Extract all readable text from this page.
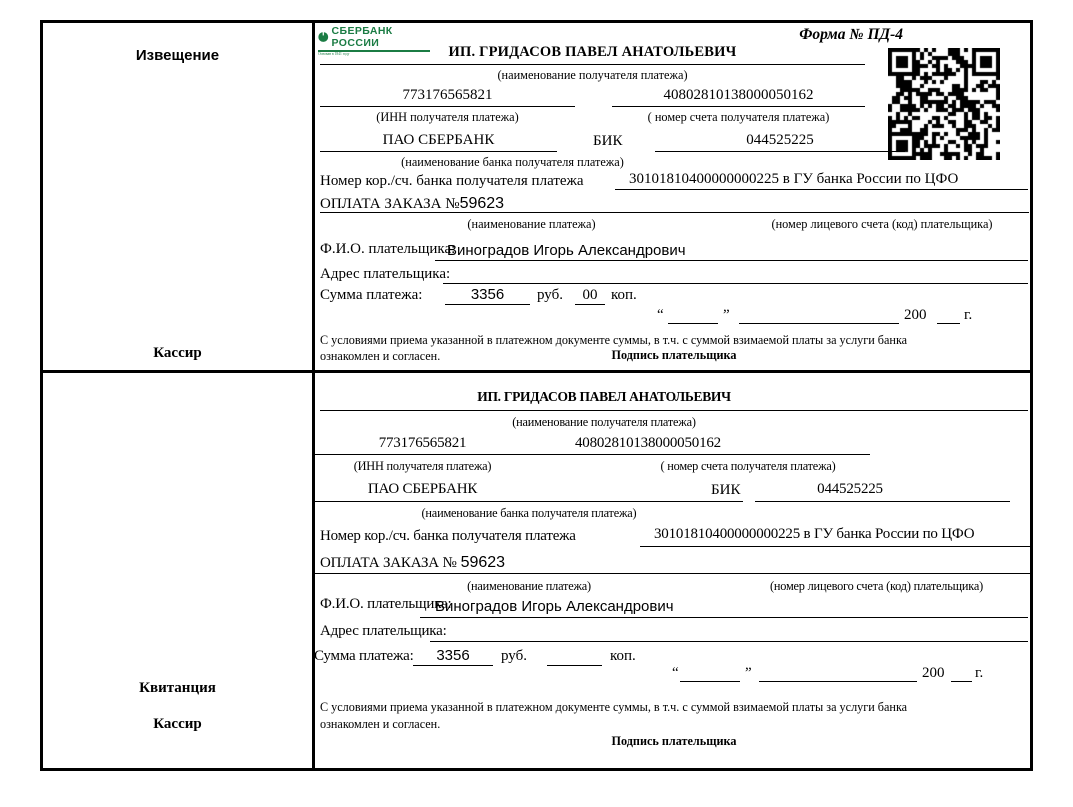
Извещение
Кассир
Квитанция
Кассир
СБЕРБАНК РОССИИ
Основан в 1841 году
Форма № ПД-4
ИП. ГРИДАСОВ ПАВЕЛ АНАТОЛЬЕВИЧ
(наименование получателя платежа)
773176565821	40802810138000050162
(ИНН получателя платежа)	( номер счета получателя платежа)
ПАО СБЕРБАНК	БИК	044525225
(наименование банка получателя платежа)
Номер кор./сч. банка получателя платежа	30101810400000000225 в ГУ банка России по ЦФО
ОПЛАТА ЗАКАЗА №59623
(наименование платежа)	(номер лицевого счета (код) плательщика)
Ф.И.О. плательщика:
Виноградов Игорь Александрович
Адрес плательщика:
Сумма платежа:	3356	руб.	00 коп.
“	”	200	г.
С условиями приема указанной в платежном документе суммы, в т.ч. с суммой взимаемой платы за услуги банка
ознакомлен и согласен.	Подпись плательщика
ИП. ГРИДАСОВ ПАВЕЛ АНАТОЛЬЕВИЧ
(наименование получателя платежа)
773176565821	40802810138000050162
(ИНН получателя платежа)	( номер счета получателя платежа)
ПАО СБЕРБАНК	БИК	044525225
(наименование банка получателя платежа)
Номер кор./сч. банка получателя платежа	30101810400000000225 в ГУ банка России по ЦФО
ОПЛАТА ЗАКАЗА № 59623
(наименование платежа)	(номер лицевого счета (код) плательщика)
Ф.И.О. плательщика:
Виноградов Игорь Александрович
Адрес плательщика:
Сумма платежа:	3356	руб.	коп.
“	”	200 г.
С условиями приема указанной в платежном документе суммы, в т.ч. с суммой взимаемой платы за услуги банка
ознакомлен и согласен.
Подпись плательщика
